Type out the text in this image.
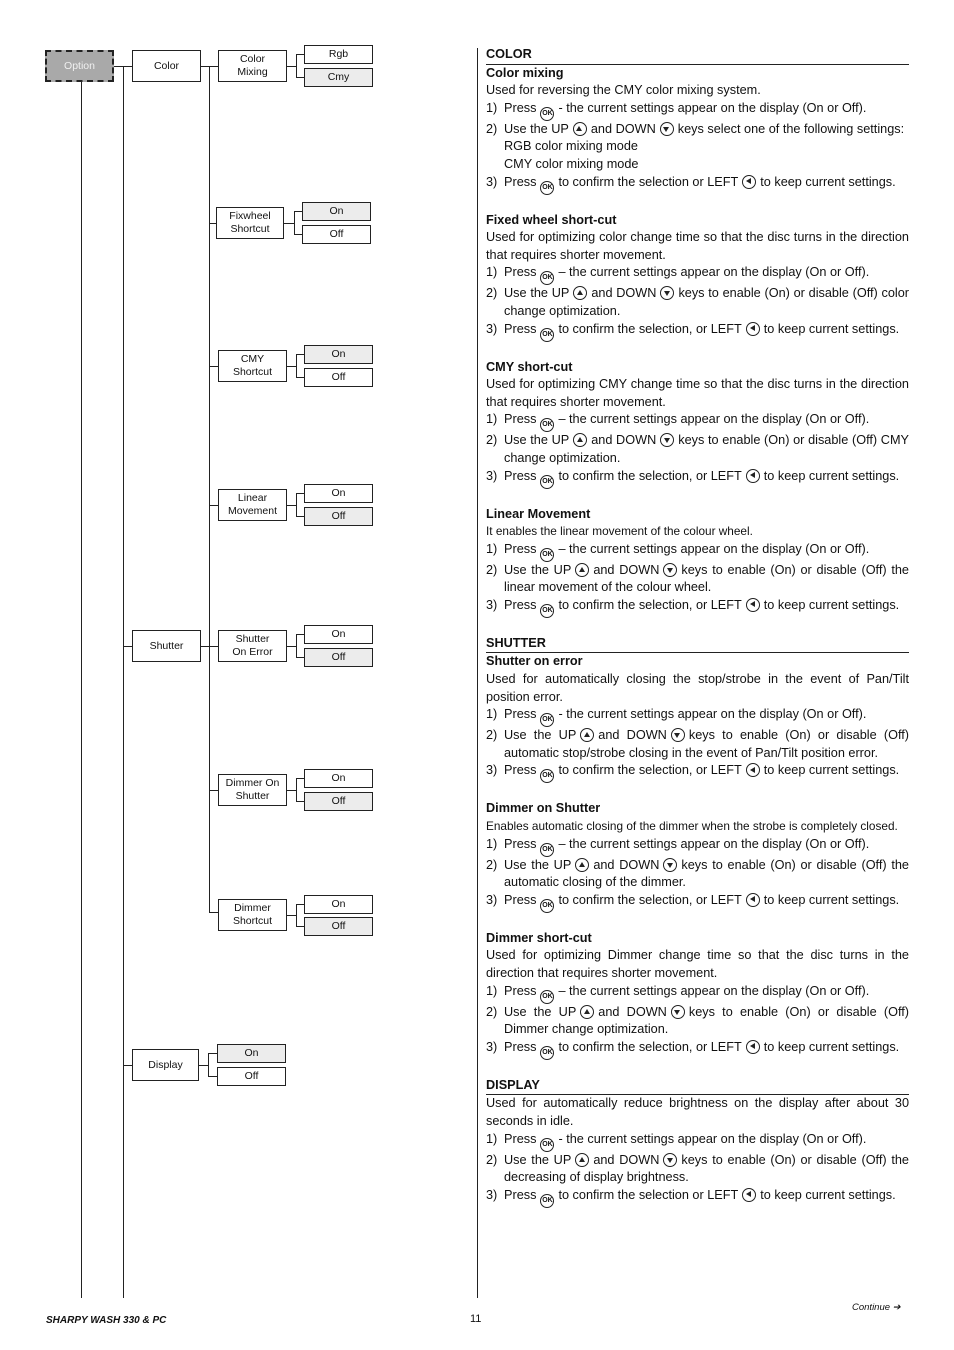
Option	Color
Color
Mixing
Rgb
Cmy
Fixwheel
Shortcut
On
Off
CMY
Shortcut
On
Off
Linear
Movement
On
Off
Shutter
Shutter
On Error
On
Off
Dimmer On
Shutter
On
Off
Dimmer
Shortcut
On
Off
Display
On
Off
COLOR
Color mixing
Used for reversing the CMY color mixing system.
1) Press OK - the current settings appear on the display (On or Off).
2) Use the UP and DOWN keys select one of the following settings:
RGB color mixing mode
CMY color mixing mode
3) Press OK to confirm the selection or LEFT to keep current settings.
Fixed wheel short-cut
Used for optimizing color change time so that the disc turns in the direction that requires shorter movement.
1) Press OK – the current settings appear on the display (On or Off).
2) Use the UP and DOWN keys to enable (On) or disable (Off) color change optimization.
3) Press OK to confirm the selection, or LEFT to keep current settings.
CMY short-cut
Used for optimizing CMY change time so that the disc turns in the direction that requires shorter movement.
1) Press OK – the current settings appear on the display (On or Off).
2) Use the UP and DOWN keys to enable (On) or disable (Off) CMY change optimization.
3) Press OK to confirm the selection, or LEFT to keep current settings.
Linear Movement
It enables the linear movement of the colour wheel.
1) Press OK – the current settings appear on the display (On or Off).
2) Use the UP and DOWN keys to enable (On) or disable (Off) the linear movement of the colour wheel.
3) Press OK to confirm the selection, or LEFT to keep current settings.
SHUTTER
Shutter on error
Used for automatically closing the stop/strobe in the event of Pan/Tilt position error.
1) Press OK - the current settings appear on the display (On or Off).
2) Use the UP and DOWN keys to enable (On) or disable (Off) automatic stop/strobe closing in the event of Pan/Tilt position error.
3) Press OK to confirm the selection, or LEFT to keep current settings.
Dimmer on Shutter
Enables automatic closing of the dimmer when the strobe is completely closed.
1) Press OK – the current settings appear on the display (On or Off).
2) Use the UP and DOWN keys to enable (On) or disable (Off) the automatic closing of the dimmer.
3) Press OK to confirm the selection, or LEFT to keep current settings.
Dimmer short-cut
Used for optimizing Dimmer change time so that the disc turns in the direction that requires shorter movement.
1) Press OK – the current settings appear on the display (On or Off).
2) Use the UP and DOWN keys to enable (On) or disable (Off) Dimmer change optimization.
3) Press OK to confirm the selection, or LEFT to keep current settings.
DISPLAY
Used for automatically reduce brightness on the display after about 30 seconds in idle.
1) Press OK - the current settings appear on the display (On or Off).
2) Use the UP and DOWN keys to enable (On) or disable (Off) the decreasing of display brightness.
3) Press OK to confirm the selection or LEFT to keep current settings.
SHARPY WASH 330 & PC	11
Continue ➔
